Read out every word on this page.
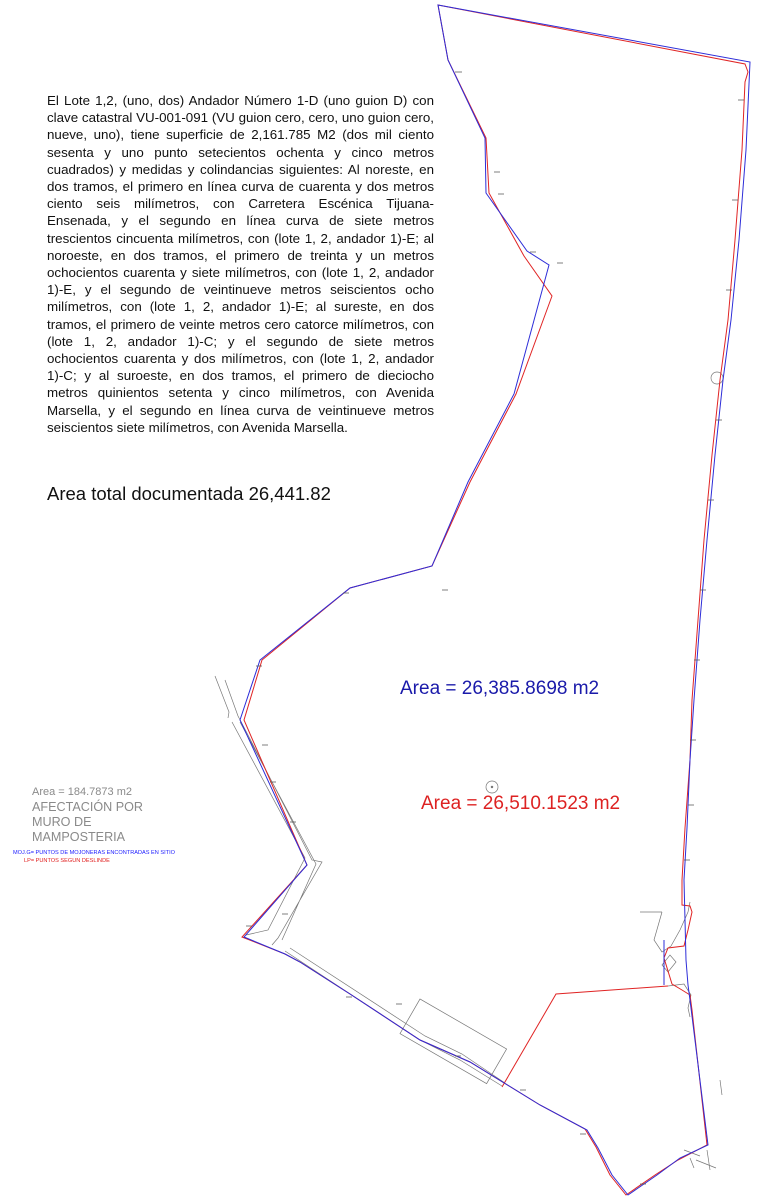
El Lote 1,2, (uno, dos) Andador Número 1-D (uno guion D) con clave catastral VU-001-091 (VU guion cero, cero, uno guion cero, nueve, uno), tiene superficie de 2,161.785 M2 (dos mil ciento sesenta y uno punto setecientos ochenta y cinco metros cuadrados) y medidas y colindancias siguientes: Al noreste, en dos tramos, el primero en línea curva de cuarenta y dos metros ciento seis milímetros, con Carretera Escénica Tijuana- Ensenada, y el segundo en línea curva de siete metros trescientos cincuenta milímetros, con (lote 1, 2, andador 1)-E; al noroeste, en dos tramos, el primero de treinta y un metros ochocientos cuarenta y siete milímetros, con (lote 1, 2, andador 1)-E, y el segundo de veintinueve metros seiscientos ocho milímetros, con (lote 1, 2, andador 1)-E; al sureste, en dos tramos, el primero de veinte metros cero catorce milímetros, con (lote 1, 2, andador 1)-C; y el segundo de siete metros ochocientos cuarenta y dos milímetros, con (lote 1, 2, andador 1)-C; y al suroeste, en dos tramos, el primero de dieciocho metros quinientos setenta y cinco milímetros, con Avenida Marsella, y el segundo en línea curva de veintinueve metros seiscientos siete milímetros, con Avenida Marsella.

Area total documentada 26,441.82
Area = 26,385.8698 m2
Area = 26,510.1523 m2
Area = 184.7873 m2
AFECTACIÓN POR MURO DE MAMPOSTERIA
MOJ.G= PUNTOS DE MOJONERAS ENCONTRADAS EN SITIO
LP= PUNTOS SEGUN DESLINDE
